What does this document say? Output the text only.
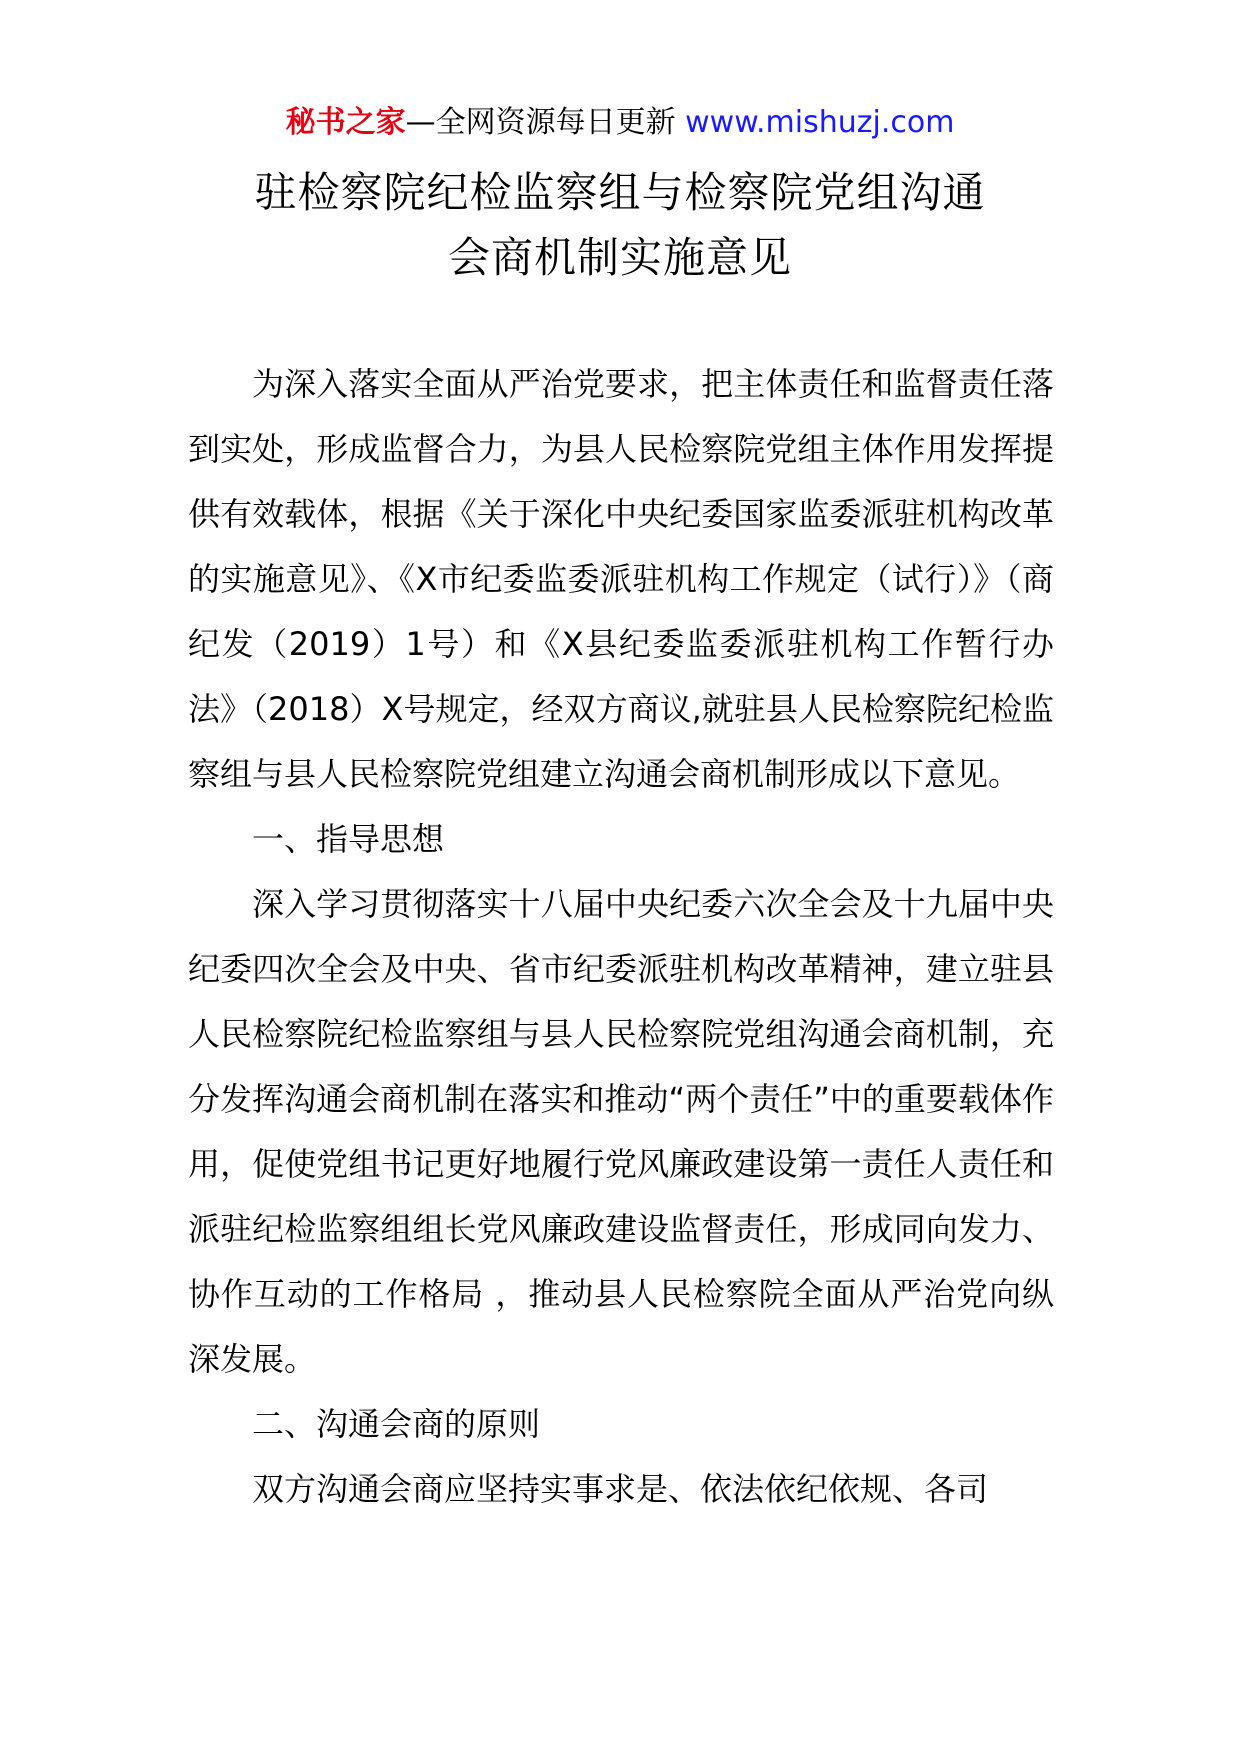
秘书之家—全网资源每日更新 www.mishuzj.com
驻检察院纪检监察组与检察院党组沟通
会商机制实施意见

为深入落实全面从严治党要求，把主体责任和监督责任落到实处，形成监督合力，为县人民检察院党组主体作用发挥提供有效载体，根据《关于深化中央纪委国家监委派驻机构改革的实施意见》、《X市纪委监委派驻机构工作规定（试行）》（商纪发（2019）1号）和《X县纪委监委派驻机构工作暂行办法》（2018）X号规定，经双方商议,就驻县人民检察院纪检监察组与县人民检察院党组建立沟通会商机制形成以下意见。

一、指导思想

深入学习贯彻落实十八届中央纪委六次全会及十九届中央纪委四次全会及中央、省市纪委派驻机构改革精神，建立驻县人民检察院纪检监察组与县人民检察院党组沟通会商机制，充分发挥沟通会商机制在落实和推动“两个责任”中的重要载体作用，促使党组书记更好地履行党风廉政建设第一责任人责任和派驻纪检监察组组长党风廉政建设监督责任，形成同向发力、协作互动的工作格局 ，推动县人民检察院全面从严治党向纵深发展。

二、沟通会商的原则

双方沟通会商应坚持实事求是、依法依纪依规、各司
